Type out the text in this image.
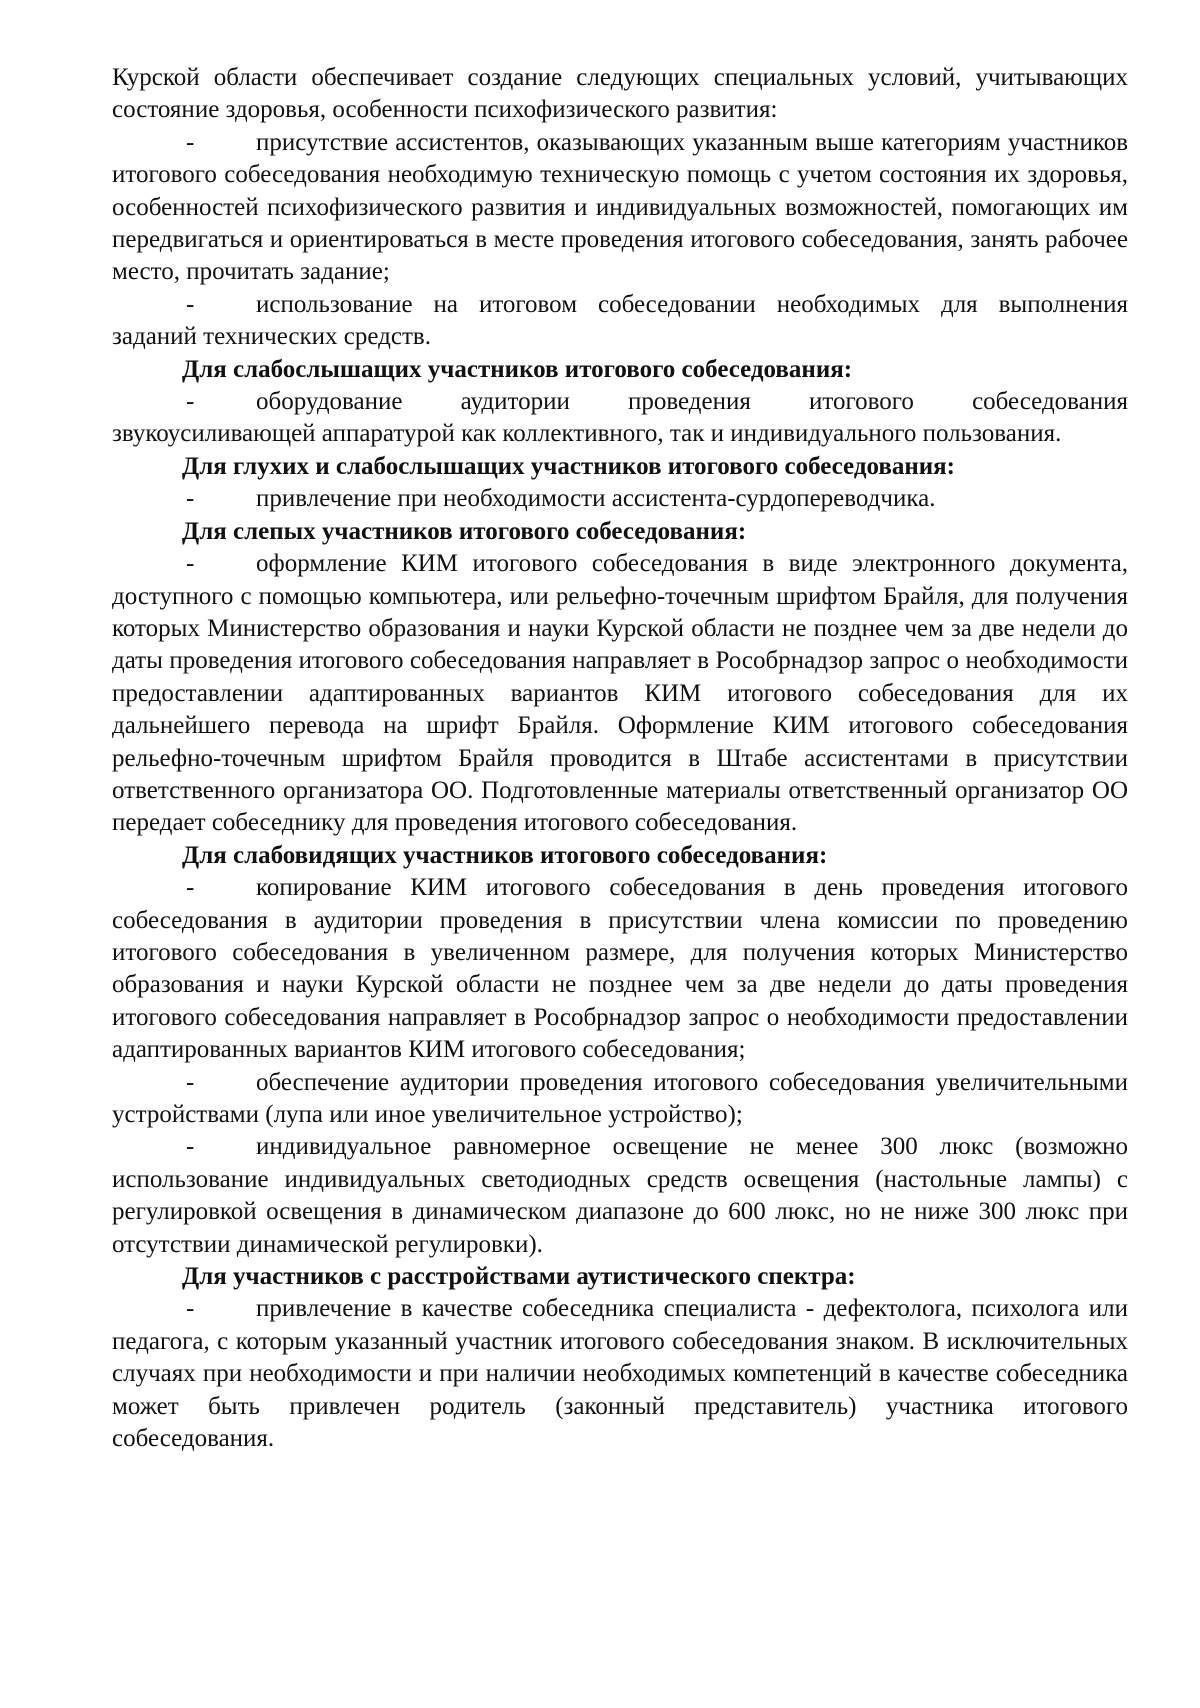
Курской области обеспечивает создание следующих специальных условий, учитывающих состояние здоровья, особенности психофизического развития:

- присутствие ассистентов, оказывающих указанным выше категориям участников итогового собеседования необходимую техническую помощь с учетом состояния их здоровья, особенностей психофизического развития и индивидуальных возможностей, помогающих им передвигаться и ориентироваться в месте проведения итогового собеседования, занять рабочее место, прочитать задание;

- использование на итоговом собеседовании необходимых для выполнения заданий технических средств.

Для слабослышащих участников итогового собеседования:

- оборудование аудитории проведения итогового собеседования звукоусиливающей аппаратурой как коллективного, так и индивидуального пользования.

Для глухих и слабослышащих участников итогового собеседования:

- привлечение при необходимости ассистента-сурдопереводчика.

Для слепых участников итогового собеседования:

- оформление КИМ итогового собеседования в виде электронного документа, доступного с помощью компьютера, или рельефно-точечным шрифтом Брайля, для получения которых Министерство образования и науки Курской области не позднее чем за две недели до даты проведения итогового собеседования направляет в Рособрнадзор запрос о необходимости предоставлении адаптированных вариантов КИМ итогового собеседования для их дальнейшего перевода на шрифт Брайля. Оформление КИМ итогового собеседования рельефно-точечным шрифтом Брайля проводится в Штабе ассистентами в присутствии ответственного организатора ОО. Подготовленные материалы ответственный организатор ОО передает собеседнику для проведения итогового собеседования.

Для слабовидящих участников итогового собеседования:

- копирование КИМ итогового собеседования в день проведения итогового собеседования в аудитории проведения в присутствии члена комиссии по проведению итогового собеседования в увеличенном размере, для получения которых Министерство образования и науки Курской области не позднее чем за две недели до даты проведения итогового собеседования направляет в Рособрнадзор запрос о необходимости предоставлении адаптированных вариантов КИМ итогового собеседования;

- обеспечение аудитории проведения итогового собеседования увеличительными устройствами (лупа или иное увеличительное устройство);

- индивидуальное равномерное освещение не менее 300 люкс (возможно использование индивидуальных светодиодных средств освещения (настольные лампы) с регулировкой освещения в динамическом диапазоне до 600 люкс, но не ниже 300 люкс при отсутствии динамической регулировки).

Для участников с расстройствами аутистического спектра:

- привлечение в качестве собеседника специалиста - дефектолога, психолога или педагога, с которым указанный участник итогового собеседования знаком. В исключительных случаях при необходимости и при наличии необходимых компетенций в качестве собеседника может быть привлечен родитель (законный представитель) участника итогового собеседования.
